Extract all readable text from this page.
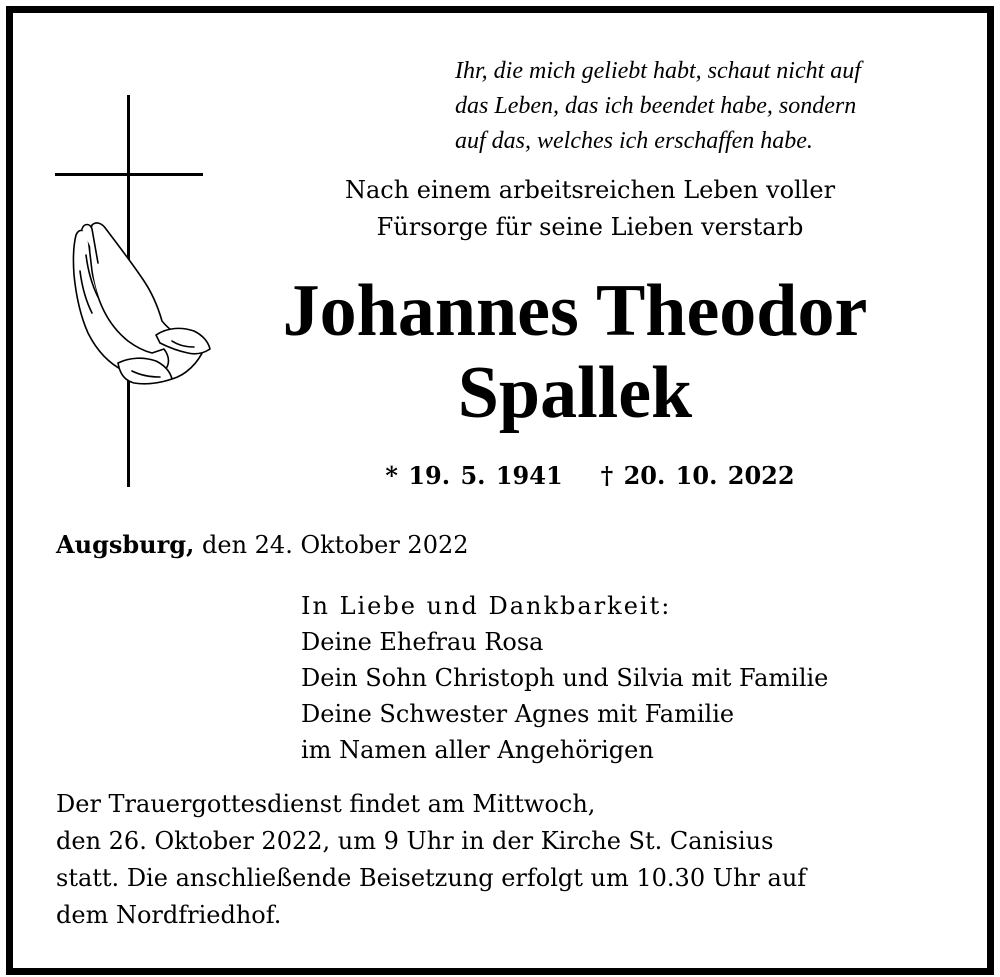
Ihr, die mich geliebt habt, schaut nicht auf
das Leben, das ich beendet habe, sondern
auf das, welches ich erschaffen habe.
Nach einem arbeitsreichen Leben voller
Fürsorge für seine Lieben verstarb
Johannes Theodor
Spallek
* 19. 5. 1941 † 20. 10. 2022
Augsburg, den 24. Oktober 2022
In Liebe und Dankbarkeit:
Deine Ehefrau Rosa
Dein Sohn Christoph und Silvia mit Familie
Deine Schwester Agnes mit Familie
im Namen aller Angehörigen
Der Trauergottesdienst findet am Mittwoch,
den 26. Oktober 2022, um 9 Uhr in der Kirche St. Canisius
statt. Die anschließende Beisetzung erfolgt um 10.30 Uhr auf
dem Nordfriedhof.
